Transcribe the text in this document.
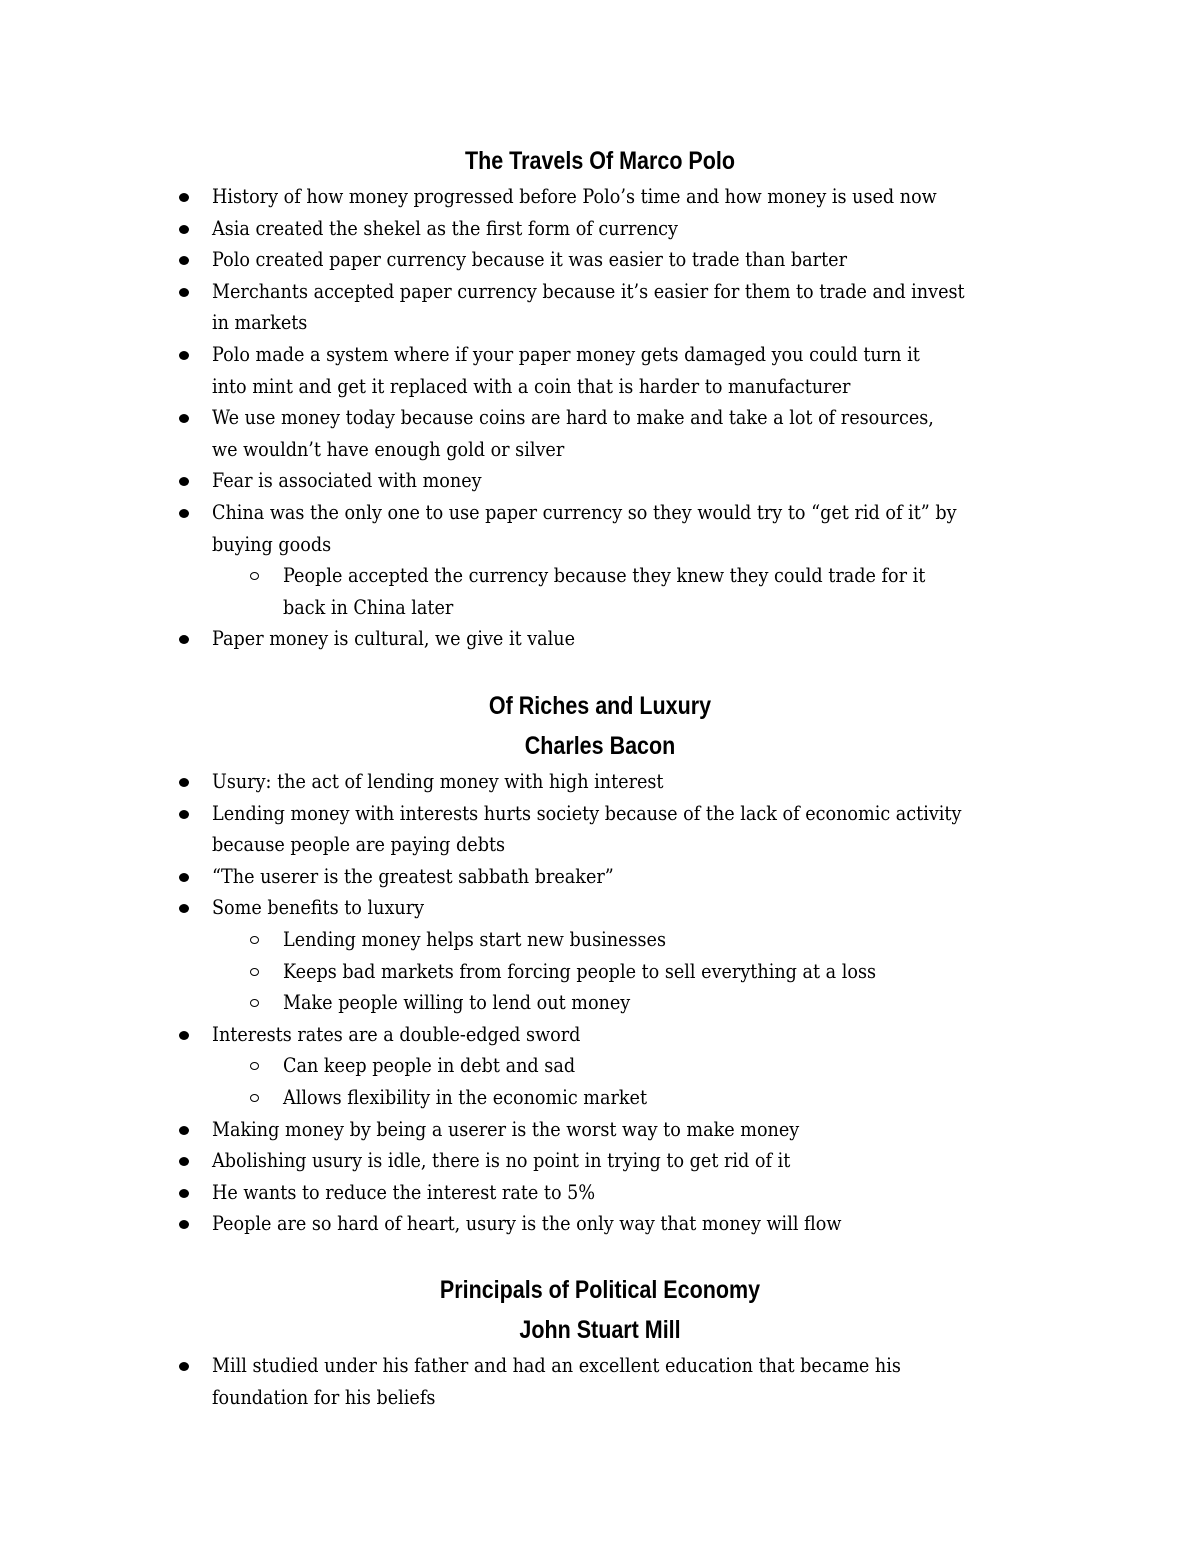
The Travels Of Marco Polo
History of how money progressed before Polo’s time and how money is used now
Asia created the shekel as the first form of currency
Polo created paper currency because it was easier to trade than barter
Merchants accepted paper currency because it’s easier for them to trade and invest
in markets
Polo made a system where if your paper money gets damaged you could turn it
into mint and get it replaced with a coin that is harder to manufacturer
We use money today because coins are hard to make and take a lot of resources,
we wouldn’t have enough gold or silver
Fear is associated with money
China was the only one to use paper currency so they would try to “get rid of it” by
buying goods
People accepted the currency because they knew they could trade for it
back in China later
Paper money is cultural, we give it value
Of Riches and Luxury
Charles Bacon
Usury: the act of lending money with high interest
Lending money with interests hurts society because of the lack of economic activity
because people are paying debts
“The userer is the greatest sabbath breaker”
Some benefits to luxury
Lending money helps start new businesses
Keeps bad markets from forcing people to sell everything at a loss
Make people willing to lend out money
Interests rates are a double-edged sword
Can keep people in debt and sad
Allows flexibility in the economic market
Making money by being a userer is the worst way to make money
Abolishing usury is idle, there is no point in trying to get rid of it
He wants to reduce the interest rate to 5%
People are so hard of heart, usury is the only way that money will flow
Principals of Political Economy
John Stuart Mill
Mill studied under his father and had an excellent education that became his
foundation for his beliefs
